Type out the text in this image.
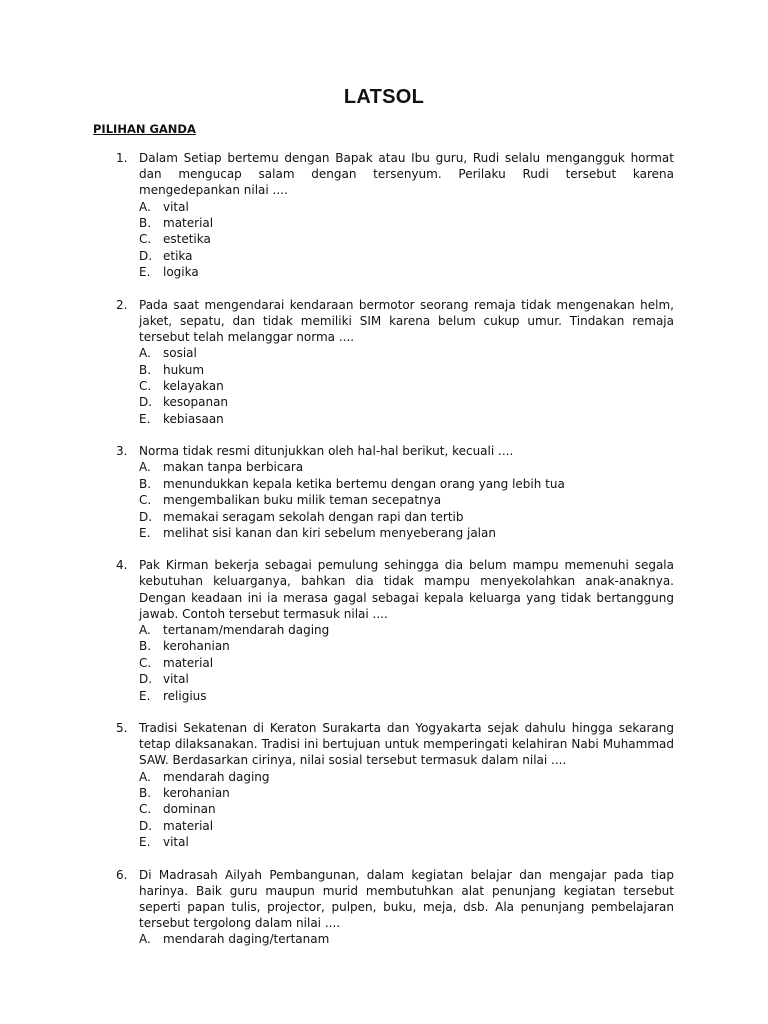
LATSOL
PILIHAN GANDA
1. Dalam Setiap bertemu dengan Bapak atau Ibu guru, Rudi selalu mengangguk hormat dan mengucap salam dengan tersenyum. Perilaku Rudi tersebut karena mengedepankan nilai ....
A. vital
B. material
C. estetika
D. etika
E. logika
2. Pada saat mengendarai kendaraan bermotor seorang remaja tidak mengenakan helm, jaket, sepatu, dan tidak memiliki SIM karena belum cukup umur. Tindakan remaja tersebut telah melanggar norma ....
A. sosial
B. hukum
C. kelayakan
D. kesopanan
E. kebiasaan
3. Norma tidak resmi ditunjukkan oleh hal-hal berikut, kecuali ....
A. makan tanpa berbicara
B. menundukkan kepala ketika bertemu dengan orang yang lebih tua
C. mengembalikan buku milik teman secepatnya
D. memakai seragam sekolah dengan rapi dan tertib
E. melihat sisi kanan dan kiri sebelum menyeberang jalan
4. Pak Kirman bekerja sebagai pemulung sehingga dia belum mampu memenuhi segala kebutuhan keluarganya, bahkan dia tidak mampu menyekolahkan anak-anaknya. Dengan keadaan ini ia merasa gagal sebagai kepala keluarga yang tidak bertanggung jawab. Contoh tersebut termasuk nilai ....
A. tertanam/mendarah daging
B. kerohanian
C. material
D. vital
E. religius
5. Tradisi Sekatenan di Keraton Surakarta dan Yogyakarta sejak dahulu hingga sekarang tetap dilaksanakan. Tradisi ini bertujuan untuk memperingati kelahiran Nabi Muhammad SAW. Berdasarkan cirinya, nilai sosial tersebut termasuk dalam nilai ....
A. mendarah daging
B. kerohanian
C. dominan
D. material
E. vital
6. Di Madrasah Ailyah Pembangunan, dalam kegiatan belajar dan mengajar pada tiap harinya. Baik guru maupun murid membutuhkan alat penunjang kegiatan tersebut seperti papan tulis, projector, pulpen, buku, meja, dsb. Ala penunjang pembelajaran tersebut tergolong dalam nilai ....
A. mendarah daging/tertanam
